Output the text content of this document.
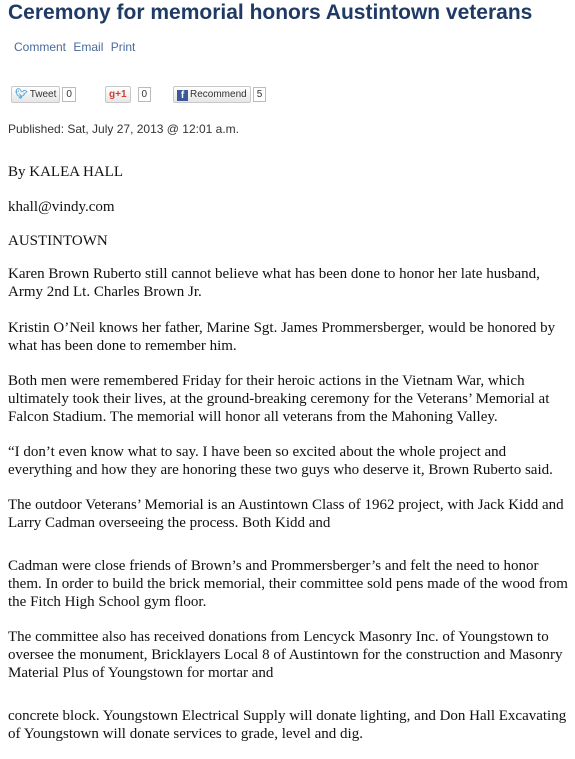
Ceremony for memorial honors Austintown veterans
Comment Email Print
🐦︎ Tweet 0	g+1 0	f Recommend 5
Published: Sat, July 27, 2013 @ 12:01 a.m.

By KALEA HALL

khall@vindy.com

AUSTINTOWN

Karen Brown Ruberto still cannot believe what has been done to honor her late husband, Army 2nd Lt. Charles Brown Jr.

Kristin O’Neil knows her father, Marine Sgt. James Prommersberger, would be honored by what has been done to remember him.

Both men were remembered Friday for their heroic actions in the Vietnam War, which ultimately took their lives, at the ground-breaking ceremony for the Veterans’ Memorial at Falcon Stadium. The memorial will honor all veterans from the Mahoning Valley.

“I don’t even know what to say. I have been so excited about the whole project and everything and how they are honoring these two guys who deserve it, Brown Ruberto said.

The outdoor Veterans’ Memorial is an Austintown Class of 1962 project, with Jack Kidd and Larry Cadman overseeing the process. Both Kidd and

Cadman were close friends of Brown’s and Prommersberger’s and felt the need to honor them. In order to build the brick memorial, their committee sold pens made of the wood from the Fitch High School gym floor.

The committee also has received donations from Lencyck Masonry Inc. of Youngstown to oversee the monument, Bricklayers Local 8 of Austintown for the construction and Masonry Material Plus of Youngstown for mortar and

concrete block. Youngstown Electrical Supply will donate lighting, and Don Hall Excavating of Youngstown will donate services to grade, level and dig.
